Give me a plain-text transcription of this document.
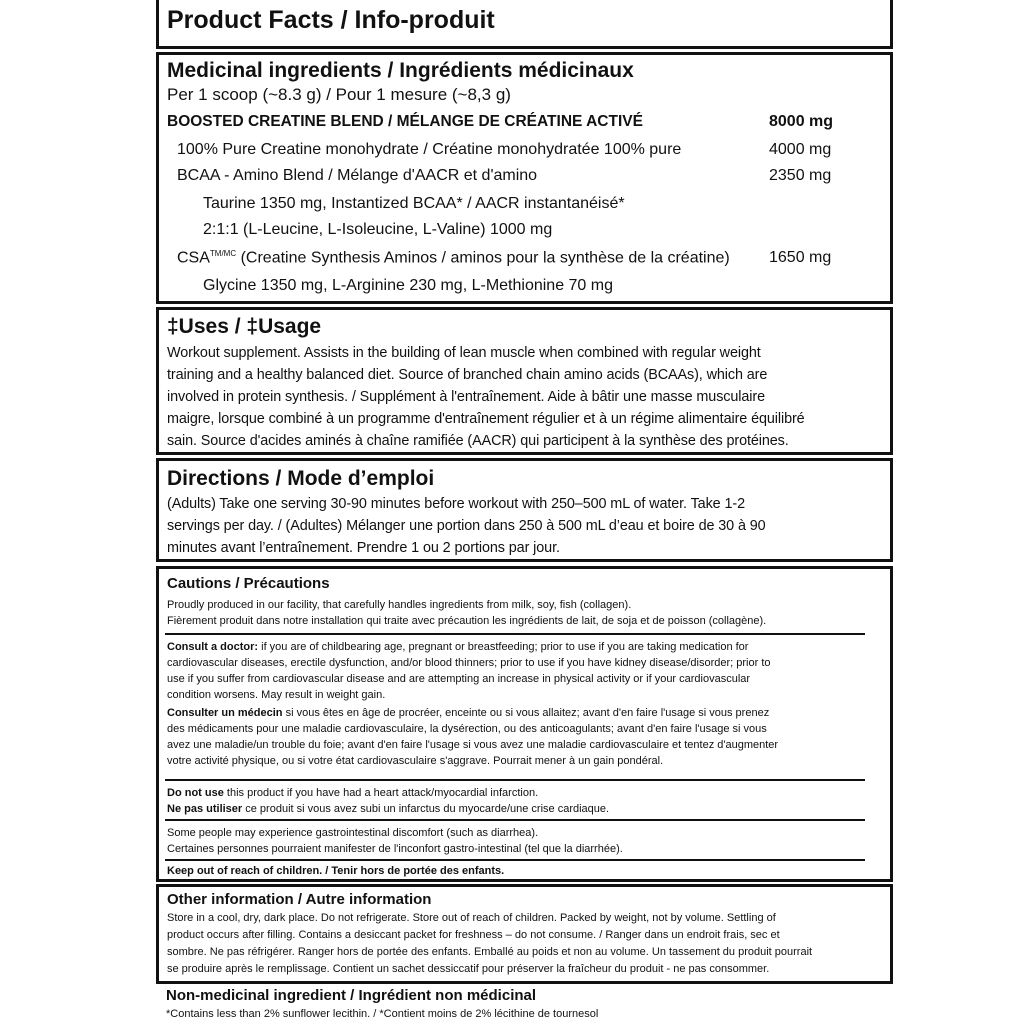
Product Facts / Info-produit
Medicinal ingredients / Ingrédients médicinaux
Per 1 scoop (~8.3 g) / Pour 1 mesure (~8,3 g)
BOOSTED CREATINE BLEND / MÉLANGE DE CRÉATINE ACTIVÉ	8000 mg
100% Pure Creatine monohydrate / Créatine monohydratée 100% pure	4000 mg
BCAA - Amino Blend / Mélange d'AACR et d'amino	2350 mg
Taurine 1350 mg, Instantized BCAA* / AACR instantanéisé*
2:1:1 (L-Leucine, L-Isoleucine, L-Valine) 1000 mg
$CSA^{TM/MC}$ (Creatine Synthesis Aminos / aminos pour la synthèse de la créatine) 1650 mg
Glycine 1350 mg, L-Arginine 230 mg, L-Methionine 70 mg
‡Uses / ‡Usage
Workout supplement. Assists in the building of lean muscle when combined with regular weight
training and a healthy balanced diet. Source of branched chain amino acids (BCAAs), which are
involved in protein synthesis. / Supplément à l'entraînement. Aide à bâtir une masse musculaire
maigre, lorsque combiné à un programme d'entraînement régulier et à un régime alimentaire équilibré
sain. Source d'acides aminés à chaîne ramifiée (AACR) qui participent à la synthèse des protéines.
Directions / Mode d’emploi
(Adults) Take one serving 30-90 minutes before workout with 250–500 mL of water. Take 1-2
servings per day. / (Adultes) Mélanger une portion dans 250 à 500 mL d’eau et boire de 30 à 90
minutes avant l’entraînement. Prendre 1 ou 2 portions par jour.
Cautions / Précautions
Proudly produced in our facility, that carefully handles ingredients from milk, soy, fish (collagen).
Fièrement produit dans notre installation qui traite avec précaution les ingrédients de lait, de soja et de poisson (collagène).
Consult a doctor: if you are of childbearing age, pregnant or breastfeeding; prior to use if you are taking medication for
cardiovascular diseases, erectile dysfunction, and/or blood thinners; prior to use if you have kidney disease/disorder; prior to
use if you suffer from cardiovascular disease and are attempting an increase in physical activity or if your cardiovascular
condition worsens. May result in weight gain.
Consulter un médecin si vous êtes en âge de procréer, enceinte ou si vous allaitez; avant d'en faire l'usage si vous prenez
des médicaments pour une maladie cardiovasculaire, la dysérection, ou des anticoagulants; avant d'en faire l'usage si vous
avez une maladie/un trouble du foie; avant d'en faire l'usage si vous avez une maladie cardiovasculaire et tentez d'augmenter
votre activité physique, ou si votre état cardiovasculaire s'aggrave. Pourrait mener à un gain pondéral.
Do not use this product if you have had a heart attack/myocardial infarction.
Ne pas utiliser ce produit si vous avez subi un infarctus du myocarde/une crise cardiaque.
Some people may experience gastrointestinal discomfort (such as diarrhea).
Certaines personnes pourraient manifester de l'inconfort gastro-intestinal (tel que la diarrhée).
Keep out of reach of children. / Tenir hors de portée des enfants.
Other information / Autre information
Store in a cool, dry, dark place. Do not refrigerate. Store out of reach of children. Packed by weight, not by volume. Settling of
product occurs after filling. Contains a desiccant packet for freshness – do not consume. / Ranger dans un endroit frais, sec et
sombre. Ne pas réfrigérer. Ranger hors de portée des enfants. Emballé au poids et non au volume. Un tassement du produit pourrait
se produire après le remplissage. Contient un sachet dessiccatif pour préserver la fraîcheur du produit - ne pas consommer.
Non-medicinal ingredient / Ingrédient non médicinal
*Contains less than 2% sunflower lecithin. / *Contient moins de 2% lécithine de tournesol
